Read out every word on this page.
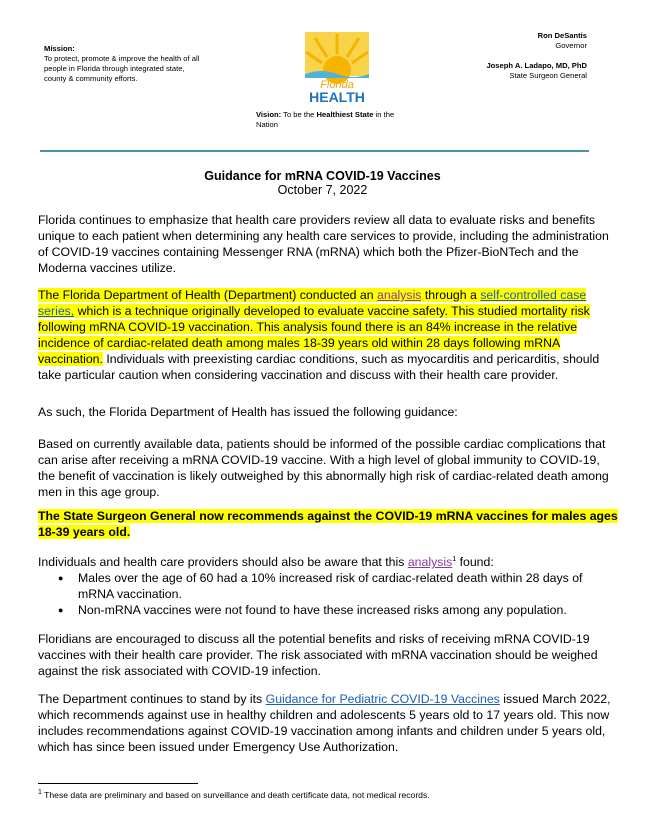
Mission:
To protect, promote & improve the health of all people in Florida through integrated state, county & community efforts.
Florida
HEALTH
Vision: To be the Healthiest State in the Nation
Ron DeSantis
Governor
Joseph A. Ladapo, MD, PhD
State Surgeon General
Guidance for mRNA COVID-19 Vaccines
October 7, 2022
Florida continues to emphasize that health care providers review all data to evaluate risks and benefits unique to each patient when determining any health care services to provide, including the administration of COVID-19 vaccines containing Messenger RNA (mRNA) which both the Pfizer-BioNTech and the Moderna vaccines utilize.
The Florida Department of Health (Department) conducted an analysis through a self-controlled case series, which is a technique originally developed to evaluate vaccine safety. This studied mortality risk following mRNA COVID-19 vaccination. This analysis found there is an 84% increase in the relative incidence of cardiac-related death among males 18-39 years old within 28 days following mRNA vaccination. Individuals with preexisting cardiac conditions, such as myocarditis and pericarditis, should take particular caution when considering vaccination and discuss with their health care provider.
As such, the Florida Department of Health has issued the following guidance:
Based on currently available data, patients should be informed of the possible cardiac complications that can arise after receiving a mRNA COVID-19 vaccine. With a high level of global immunity to COVID-19, the benefit of vaccination is likely outweighed by this abnormally high risk of cardiac-related death among men in this age group.
The State Surgeon General now recommends against the COVID-19 mRNA vaccines for males ages 18-39 years old.
Individuals and health care providers should also be aware that this analysis$^1$ found:
● Males over the age of 60 had a 10% increased risk of cardiac-related death within 28 days of mRNA vaccination.
● Non-mRNA vaccines were not found to have these increased risks among any population.
Floridians are encouraged to discuss all the potential benefits and risks of receiving mRNA COVID-19 vaccines with their health care provider. The risk associated with mRNA vaccination should be weighed against the risk associated with COVID-19 infection.
The Department continues to stand by its Guidance for Pediatric COVID-19 Vaccines issued March 2022, which recommends against use in healthy children and adolescents 5 years old to 17 years old. This now includes recommendations against COVID-19 vaccination among infants and children under 5 years old, which has since been issued under Emergency Use Authorization.
$^1$ These data are preliminary and based on surveillance and death certificate data, not medical records.
